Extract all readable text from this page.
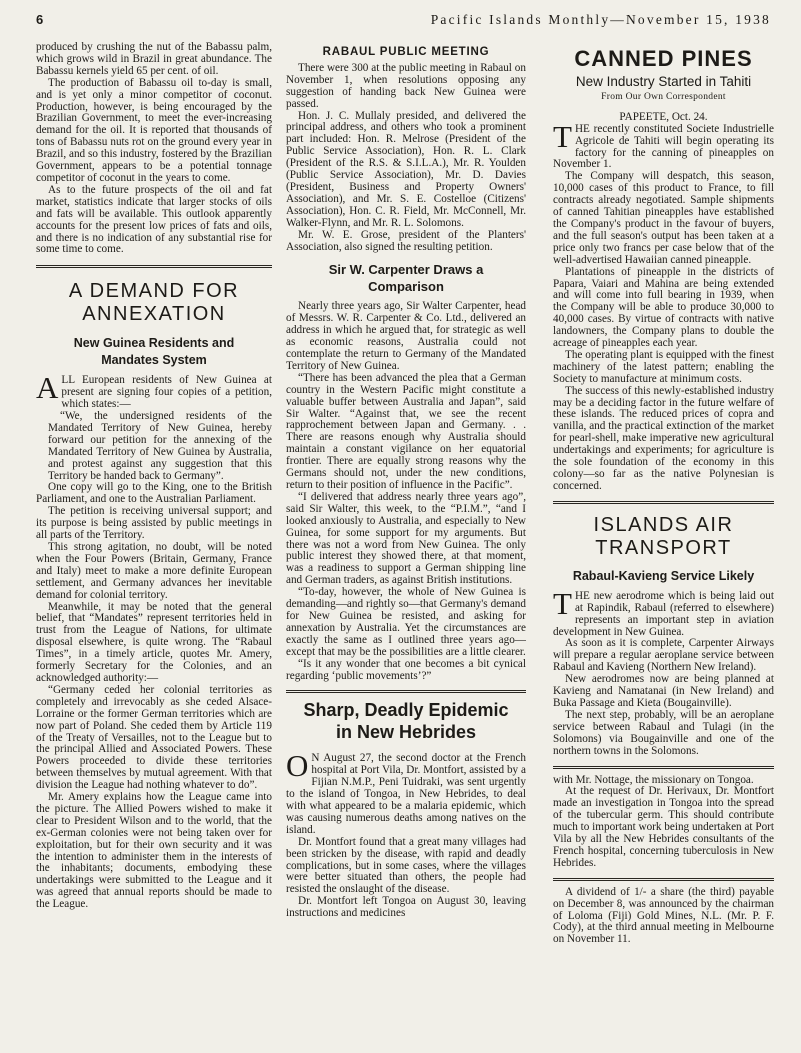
6	Pacific Islands Monthly—November 15, 1938

produced by crushing the nut of the Babassu palm, which grows wild in Brazil in great abundance. The Babassu kernels yield 65 per cent. of oil.

The production of Babassu oil to-day is small, and is yet only a minor competitor of coconut. Production, however, is being encouraged by the Brazilian Government, to meet the ever-increasing demand for the oil. It is reported that thousands of tons of Babassu nuts rot on the ground every year in Brazil, and so this industry, fostered by the Brazilian Government, appears to be a potential tonnage competitor of coconut in the years to come.

As to the future prospects of the oil and fat market, statistics indicate that larger stocks of oils and fats will be available. This outlook apparently accounts for the present low prices of fats and oils, and there is no indication of any substantial rise for some time to come.

A DEMAND FOR

ANNEXATION

New Guinea Residents and
Mandates System

ALL European residents of New Guinea at present are signing four copies of a petition, which states:—

“We, the undersigned residents of the Mandated Territory of New Guinea, hereby forward our petition for the annexing of the Mandated Territory of New Guinea by Australia, and protest against any suggestion that this Territory be handed back to Germany”.

One copy will go to the King, one to the British Parliament, and one to the Australian Parliament.

The petition is receiving universal support; and its purpose is being assisted by public meetings in all parts of the Territory.

This strong agitation, no doubt, will be noted when the Four Powers (Britain, Germany, France and Italy) meet to make a more definite European settlement, and Germany advances her inevitable demand for colonial territory.

Meanwhile, it may be noted that the general belief, that “Mandates” represent territories held in trust from the League of Nations, for ultimate disposal elsewhere, is quite wrong. The “Rabaul Times”, in a timely article, quotes Mr. Amery, formerly Secretary for the Colonies, and an acknowledged authority:—

“Germany ceded her colonial territories as completely and irrevocably as she ceded Alsace-Lorraine or the former German territories which are now part of Poland. She ceded them by Article 119 of the Treaty of Versailles, not to the League but to the principal Allied and Associated Powers. These Powers proceeded to divide these territories between themselves by mutual agreement. With that division the League had nothing whatever to do”.

Mr. Amery explains how the League came into the picture. The Allied Powers wished to make it clear to President Wilson and to the world, that the ex-German colonies were not being taken over for exploitation, but for their own security and it was the intention to administer them in the interests of the inhabitants; documents, embodying these undertakings were submitted to the League and it was agreed that annual reports should be made to the League.

RABAUL PUBLIC MEETING

There were 300 at the public meeting in Rabaul on November 1, when resolutions opposing any suggestion of handing back New Guinea were passed.

Hon. J. C. Mullaly presided, and delivered the principal address, and others who took a prominent part included: Hon. R. Melrose (President of the Public Service Association), Hon. R. L. Clark (President of the R.S. & S.I.L.A.), Mr. R. Youlden (Public Service Association), Mr. D. Davies (President, Business and Property Owners' Association), and Mr. S. E. Costelloe (Citizens' Association), Hon. C. R. Field, Mr. McConnell, Mr. Walker-Flynn, and Mr. R. L. Solomons.

Mr. W. E. Grose, president of the Planters' Association, also signed the resulting petition.

Sir W. Carpenter Draws a
Comparison

Nearly three years ago, Sir Walter Carpenter, head of Messrs. W. R. Carpenter & Co. Ltd., delivered an address in which he argued that, for strategic as well as economic reasons, Australia could not contemplate the return to Germany of the Mandated Territory of New Guinea.

“There has been advanced the plea that a German country in the Western Pacific might constitute a valuable buffer between Australia and Japan”, said Sir Walter. “Against that, we see the recent rapprochement between Japan and Germany. . . There are reasons enough why Australia should maintain a constant vigilance on her equatorial frontier. There are equally strong reasons why the Germans should not, under the new conditions, return to their position of influence in the Pacific”.

“I delivered that address nearly three years ago”, said Sir Walter, this week, to the “P.I.M.”, “and I looked anxiously to Australia, and especially to New Guinea, for some support for my arguments. But there was not a word from New Guinea. The only public interest they showed there, at that moment, was a readiness to support a German shipping line and German traders, as against British institutions.

“To-day, however, the whole of New Guinea is demanding—and rightly so—that Germany's demand for New Guinea be resisted, and asking for annexation by Australia. Yet the circumstances are exactly the same as I outlined three years ago—except that may be the possibilities are a little clearer.

“Is it any wonder that one becomes a bit cynical regarding ‘public movements’?”

Sharp, Deadly Epidemic

in New Hebrides

O N August 27, the second doctor at the French hospital at Port Vila, Dr. Montfort, assisted by a Fijian N.M.P., Peni Tuidraki, was sent urgently to the island of Tongoa, in New Hebrides, to deal with what appeared to be a malaria epidemic, which was causing numerous deaths among natives on the island.

Dr. Montfort found that a great many villages had been stricken by the disease, with rapid and deadly complications, but in some cases, where the villages were better situated than others, the people had resisted the onslaught of the disease.

Dr. Montfort left Tongoa on August 30, leaving instructions and medicines

CANNED PINES

New Industry Started in Tahiti

From Our Own Correspondent

PAPEETE, Oct. 24.

THE recently constituted Societe Industrielle Agricole de Tahiti will begin operating its factory for the canning of pineapples on November 1.

The Company will despatch, this season, 10,000 cases of this product to France, to fill contracts already negotiated. Sample shipments of canned Tahitian pineapples have established the Company's product in the favour of buyers, and the full season's output has been taken at a price only two francs per case below that of the well-advertised Hawaiian canned pineapple.

Plantations of pineapple in the districts of Papara, Vaiari and Mahina are being extended and will come into full bearing in 1939, when the Company will be able to produce 30,000 to 40,000 cases. By virtue of contracts with native landowners, the Company plans to double the acreage of pineapples each year.

The operating plant is equipped with the finest machinery of the latest pattern; enabling the Society to manufacture at minimum costs.

The success of this newly-established industry may be a deciding factor in the future welfare of these islands. The reduced prices of copra and vanilla, and the practical extinction of the market for pearl-shell, make imperative new agricultural undertakings and experiments; for agriculture is the sole foundation of the economy in this colony—so far as the native Polynesian is concerned.

ISLANDS AIR

TRANSPORT

Rabaul-Kavieng Service Likely

THE new aerodrome which is being laid out at Rapindik, Rabaul (referred to elsewhere) represents an important step in aviation development in New Guinea.

As soon as it is complete, Carpenter Airways will prepare a regular aeroplane service between Rabaul and Kavieng (Northern New Ireland).

New aerodromes now are being planned at Kavieng and Namatanai (in New Ireland) and Buka Passage and Kieta (Bougainville).

The next step, probably, will be an aeroplane service between Rabaul and Tulagi (in the Solomons) via Bougainville and one of the northern towns in the Solomons.

with Mr. Nottage, the missionary on Tongoa.

At the request of Dr. Herivaux, Dr. Montfort made an investigation in Tongoa into the spread of the tubercular germ. This should contribute much to important work being undertaken at Port Vila by all the New Hebrides consultants of the French hospital, concerning tuberculosis in New Hebrides.

A dividend of 1/- a share (the third) payable on December 8, was announced by the chairman of Loloma (Fiji) Gold Mines, N.L. (Mr. P. F. Cody), at the third annual meeting in Melbourne on November 11.
